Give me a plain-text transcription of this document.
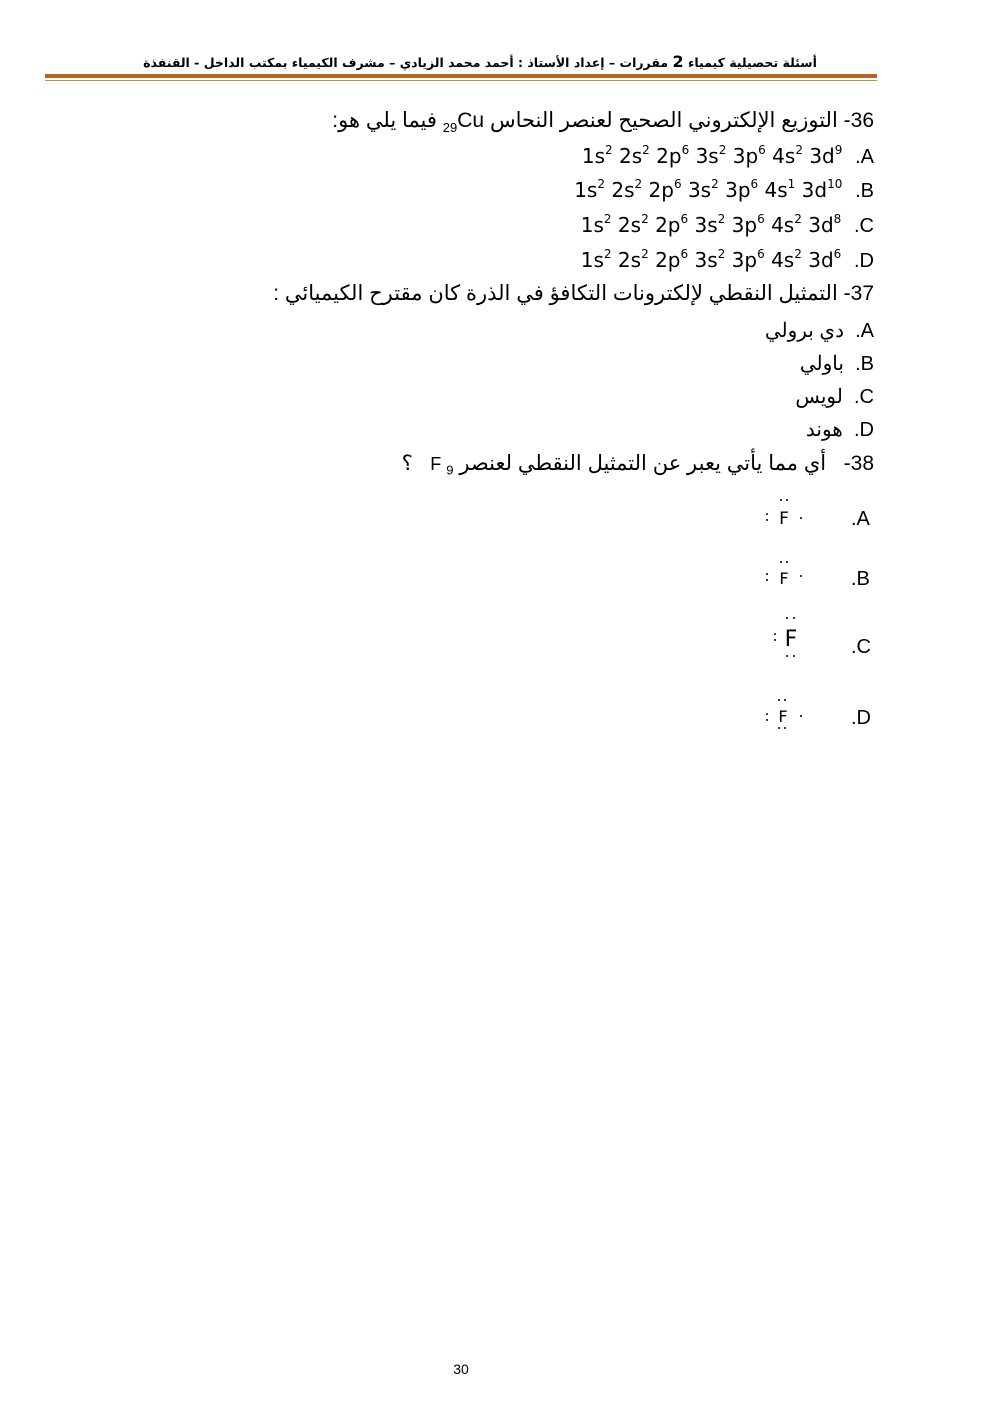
أسئلة تحصيلية كيمياء 2 مقررات – إعداد الأستاذ : أحمد محمد الزيادي – مشرف الكيمياء بمكتب الداخل - القنفذة
36- التوزيع الإلكتروني الصحيح لعنصر النحاس $_{29}$Cu فيما يلي هو:
$1s^2$ $2s^2$ $2p^6$ $3s^2$ $3p^6$ $4s^2$ $3d^9$ .A
$1s^2$ $2s^2$ $2p^6$ $3s^2$ $3p^6$ $4s^1$ $3d^{10}$ .B
$1s^2$ $2s^2$ $2p^6$ $3s^2$ $3p^6$ $4s^2$ $3d^8$ .C
$1s^2$ $2s^2$ $2p^6$ $3s^2$ $3p^6$ $4s^2$ $3d^6$ .D
37- التمثيل النقطي لإلكترونات التكافؤ في الذرة كان مقترح الكيميائي :
A.  دي برولي
B.  باولي
C.  لويس
D.  هوند
38-   أي مما يأتي يعبر عن التمثيل النقطي لعنصر F $_9$   ؟
.A
.B
.C
.D
F
F
F
F
30
